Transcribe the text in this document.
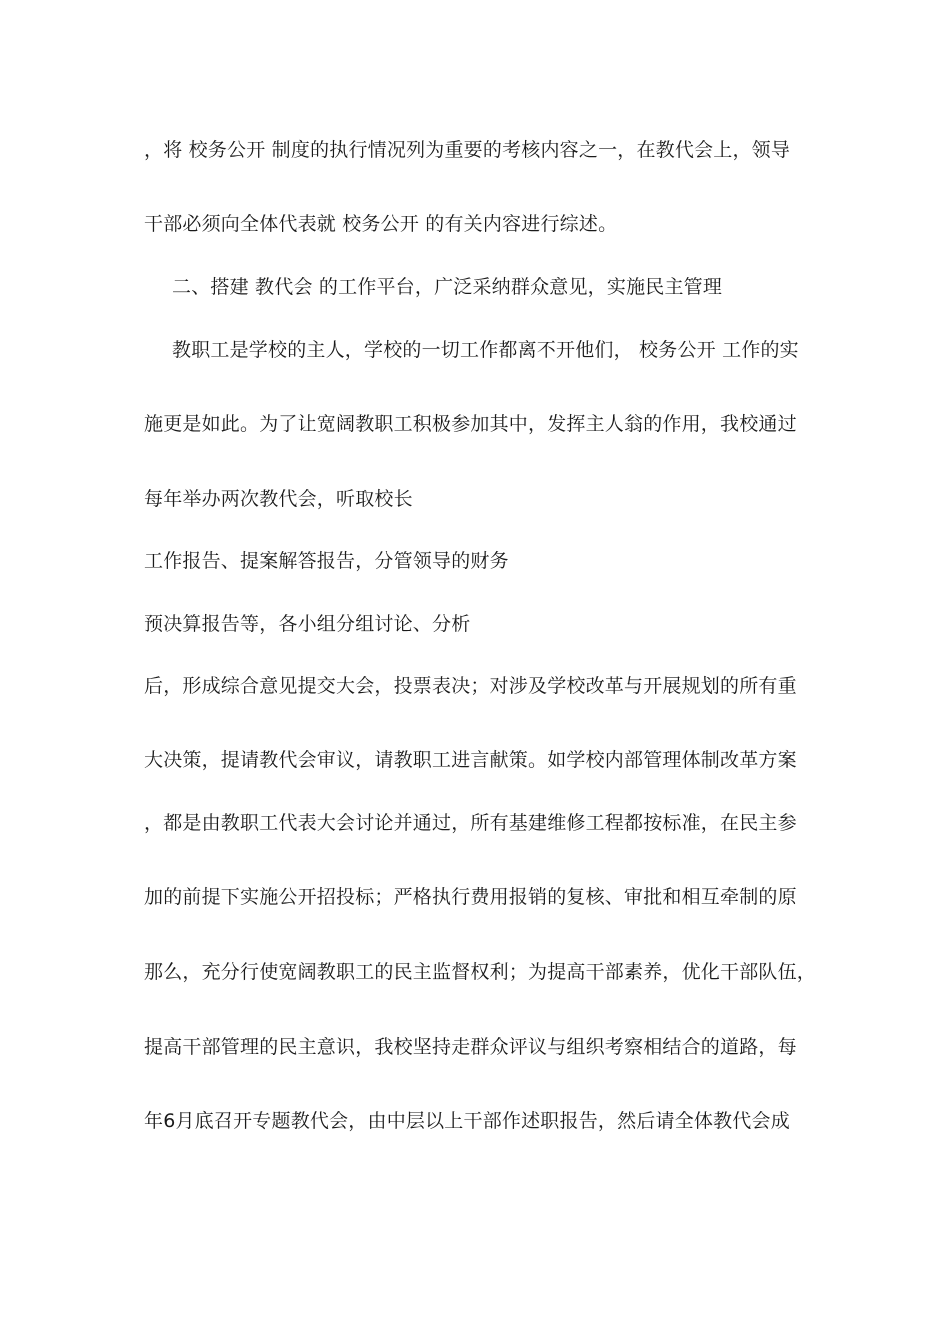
，将 校务公开 制度的执行情况列为重要的考核内容之一，在教代会上，领导
干部必须向全体代表就 校务公开 的有关内容进行综述。
二、搭建 教代会 的工作平台，广泛采纳群众意见，实施民主管理
教职工是学校的主人，学校的一切工作都离不开他们， 校务公开 工作的实
施更是如此。为了让宽阔教职工积极参加其中，发挥主人翁的作用，我校通过
每年举办两次教代会，听取校长
工作报告、提案解答报告，分管领导的财务
预决算报告等，各小组分组讨论、分析
后，形成综合意见提交大会，投票表决；对涉及学校改革与开展规划的所有重
大决策，提请教代会审议，请教职工进言献策。如学校内部管理体制改革方案
，都是由教职工代表大会讨论并通过，所有基建维修工程都按标准，在民主参
加的前提下实施公开招投标；严格执行费用报销的复核、审批和相互牵制的原
那么，充分行使宽阔教职工的民主监督权利；为提高干部素养，优化干部队伍，
提高干部管理的民主意识，我校坚持走群众评议与组织考察相结合的道路，每
年6月底召开专题教代会，由中层以上干部作述职报告，然后请全体教代会成
